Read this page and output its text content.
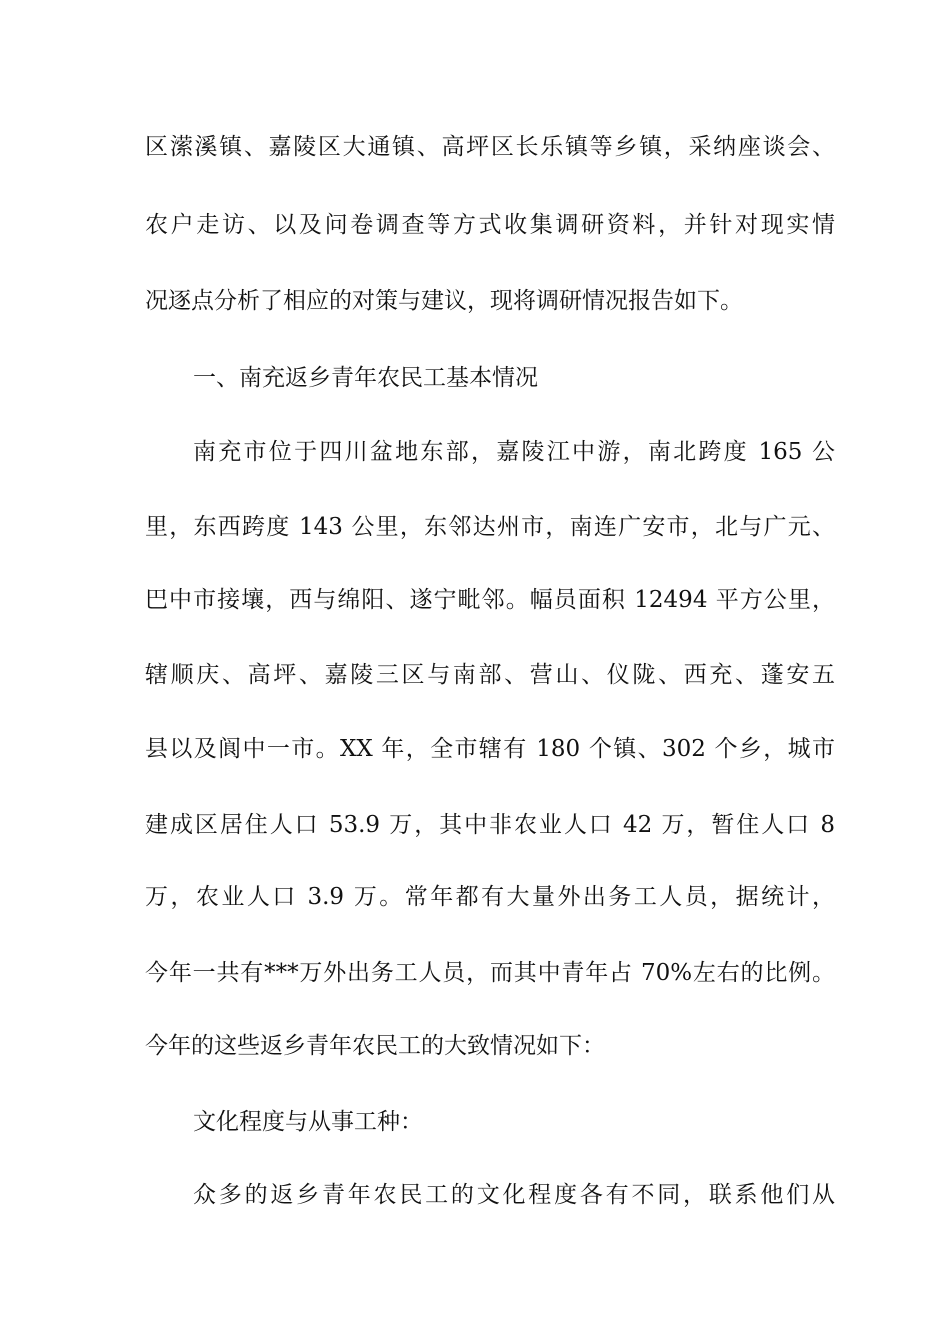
区潆溪镇、嘉陵区大通镇、高坪区长乐镇等乡镇，采纳座谈会、
农户走访、以及问卷调查等方式收集调研资料，并针对现实情
况逐点分析了相应的对策与建议，现将调研情况报告如下。
一、南充返乡青年农民工基本情况
南充市位于四川盆地东部，嘉陵江中游，南北跨度 165 公
里，东西跨度 143 公里，东邻达州市，南连广安市，北与广元、
巴中市接壤，西与绵阳、遂宁毗邻。幅员面积 12494 平方公里，
辖顺庆、高坪、嘉陵三区与南部、营山、仪陇、西充、蓬安五
县以及阆中一市。XX 年，全市辖有 180 个镇、302 个乡，城市
建成区居住人口 53.9 万，其中非农业人口 42 万，暂住人口 8
万，农业人口 3.9 万。常年都有大量外出务工人员，据统计，
今年一共有***万外出务工人员，而其中青年占 70%左右的比例。
今年的这些返乡青年农民工的大致情况如下：
文化程度与从事工种：
众多的返乡青年农民工的文化程度各有不同，联系他们从
